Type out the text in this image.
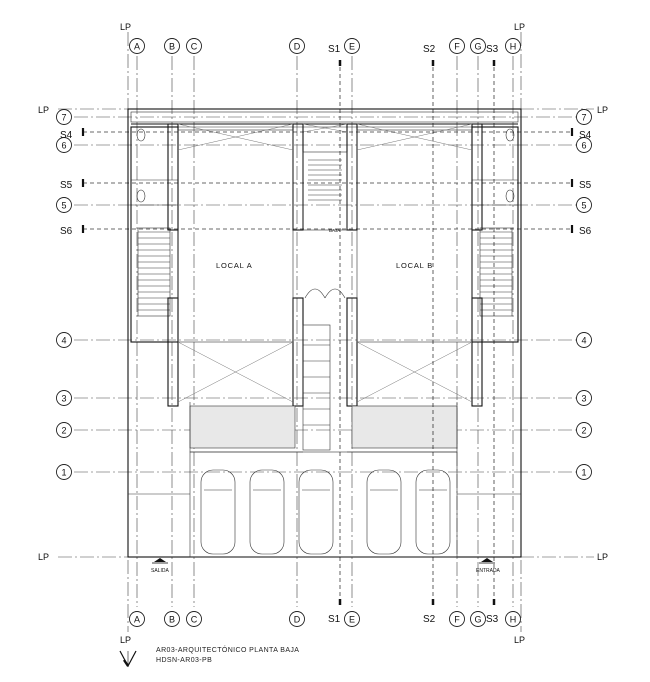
A
A
B
B
C
C
D
D
E
E
F
F
G
G
H
H
7	7
6	6
5	5
4	4
3	3
2	2
1	1
LP	LP
LP	LP
LP	LP
LP	LP
S1
S1
S2
S2
S3
S3
S4	S4
S5	S5
S6	S6
LOCAL A	LOCAL B
BAJA
SALIDA	ENTRADA
AR03-ARQUITECTÓNICO PLANTA BAJA
HDSN-AR03-PB
